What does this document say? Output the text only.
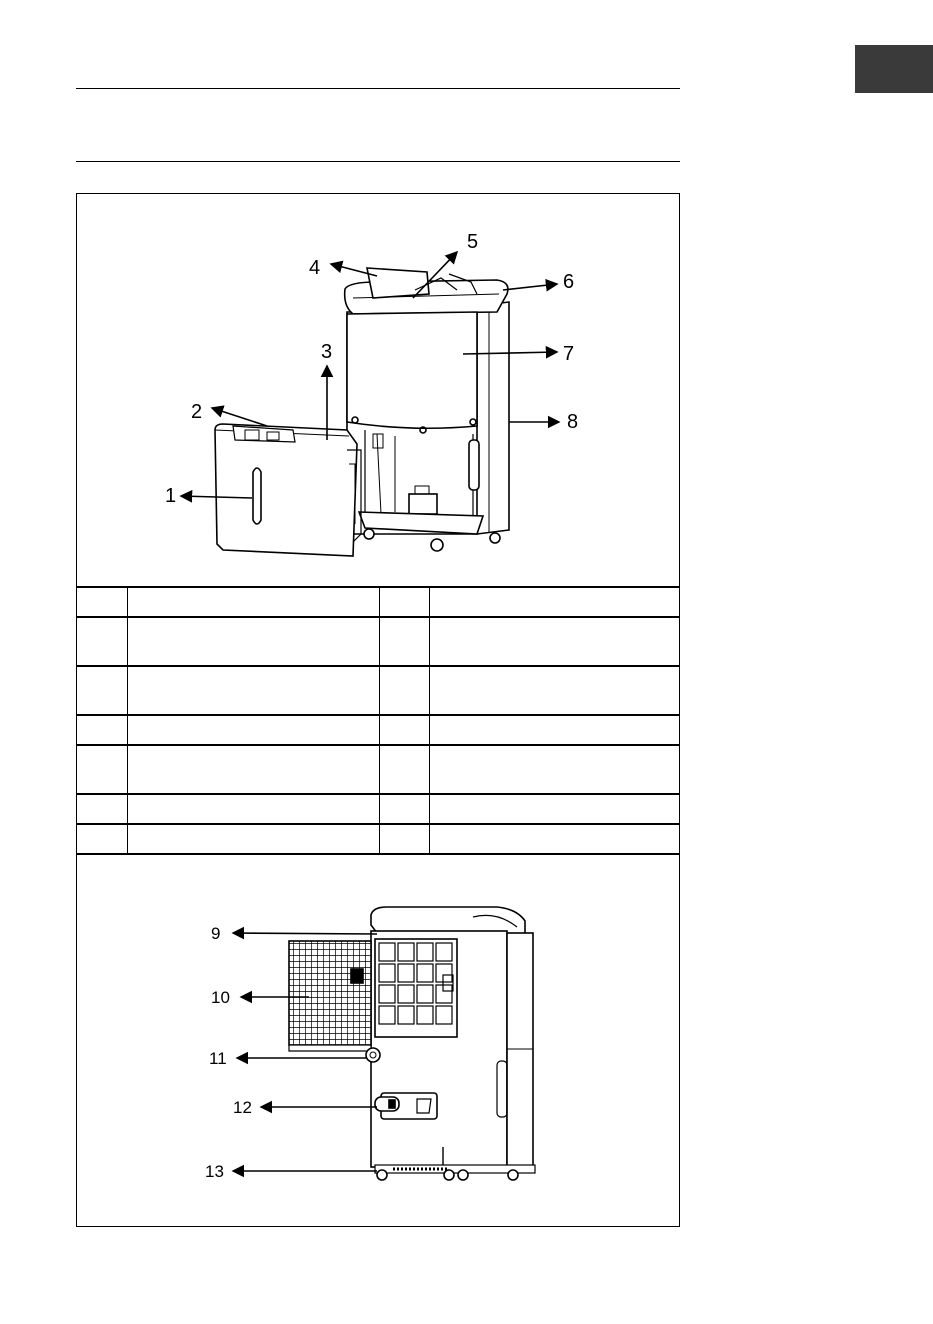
1
2
3
4
5
6
7
8

9
10
11
12
13
